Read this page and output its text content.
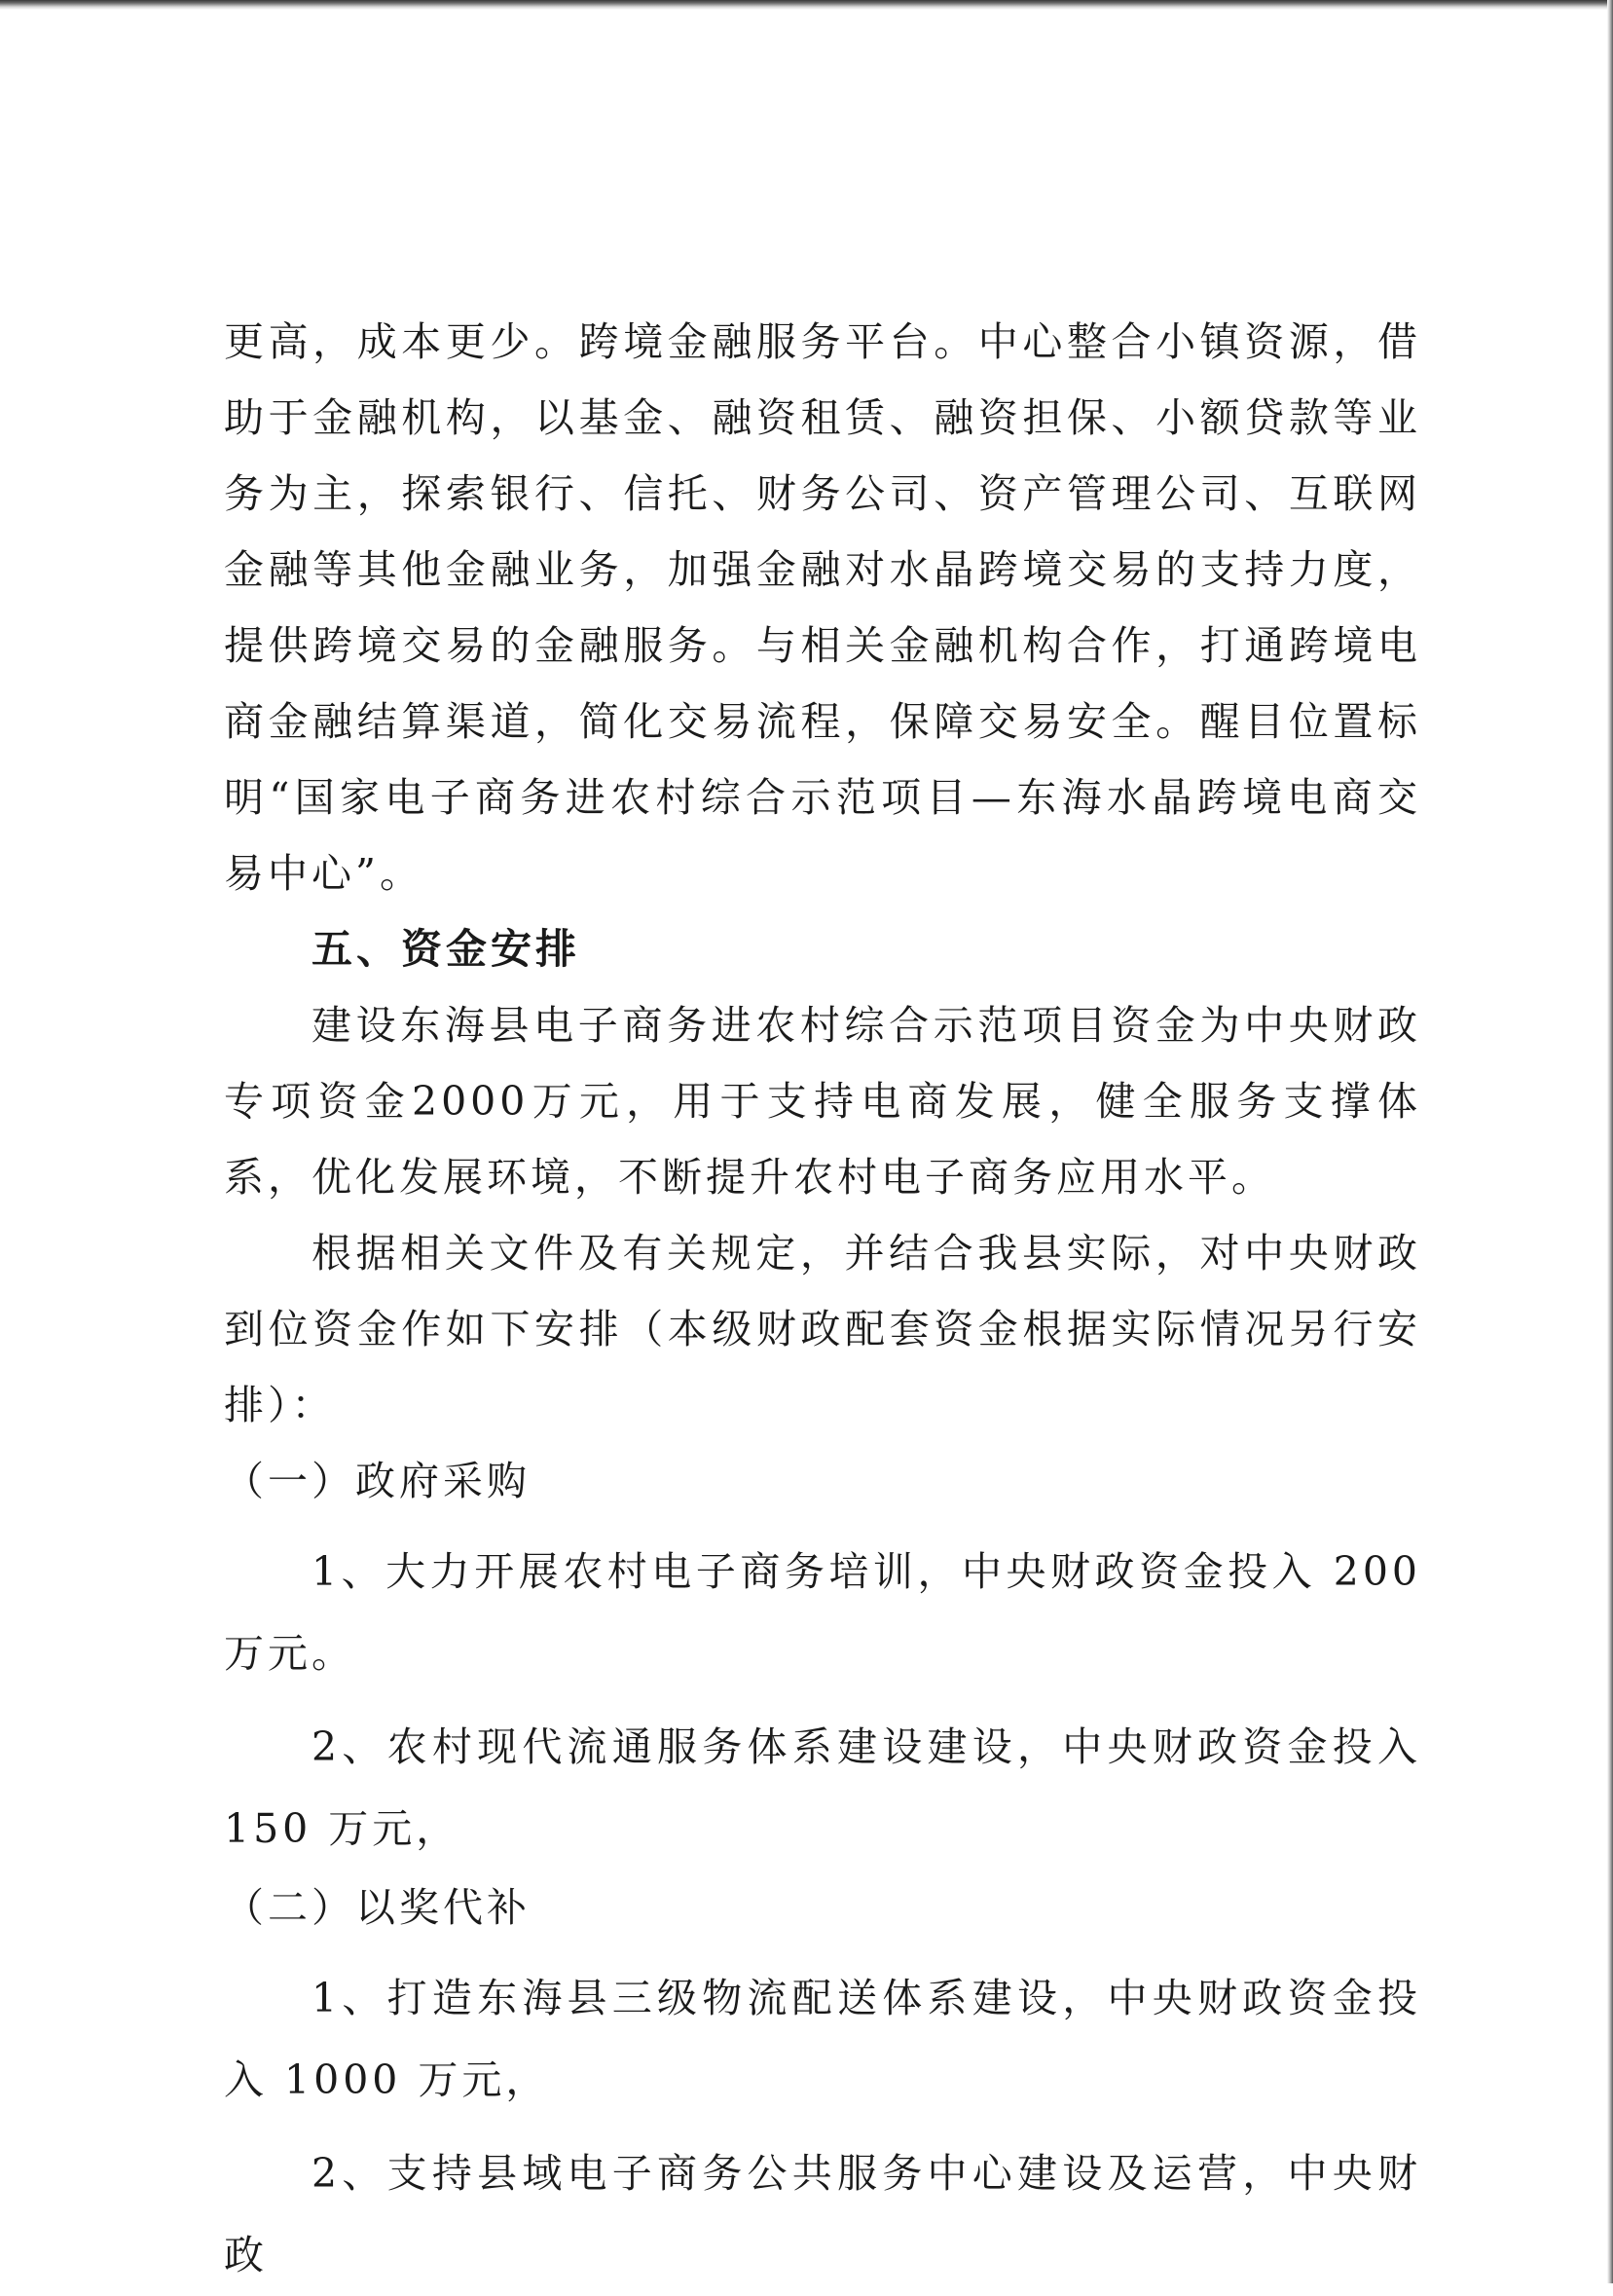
更高，成本更少。跨境金融服务平台。中心整合小镇资源，借助于金融机构，以基金、融资租赁、融资担保、小额贷款等业务为主，探索银行、信托、财务公司、资产管理公司、互联网金融等其他金融业务，加强金融对水晶跨境交易的支持力度，提供跨境交易的金融服务。与相关金融机构合作，打通跨境电商金融结算渠道，简化交易流程，保障交易安全。醒目位置标明“国家电子商务进农村综合示范项目—东海水晶跨境电商交易中心”。

五、资金安排

建设东海县电子商务进农村综合示范项目资金为中央财政专项资金2000万元，用于支持电商发展，健全服务支撑体系，优化发展环境，不断提升农村电子商务应用水平。

根据相关文件及有关规定，并结合我县实际，对中央财政到位资金作如下安排（本级财政配套资金根据实际情况另行安排）：

（一）政府采购

1、大力开展农村电子商务培训，中央财政资金投入 200 万元。

2、农村现代流通服务体系建设建设，中央财政资金投入 150 万元，

（二）以奖代补

1、打造东海县三级物流配送体系建设，中央财政资金投入 1000 万元，

2、支持县域电子商务公共服务中心建设及运营，中央财政
